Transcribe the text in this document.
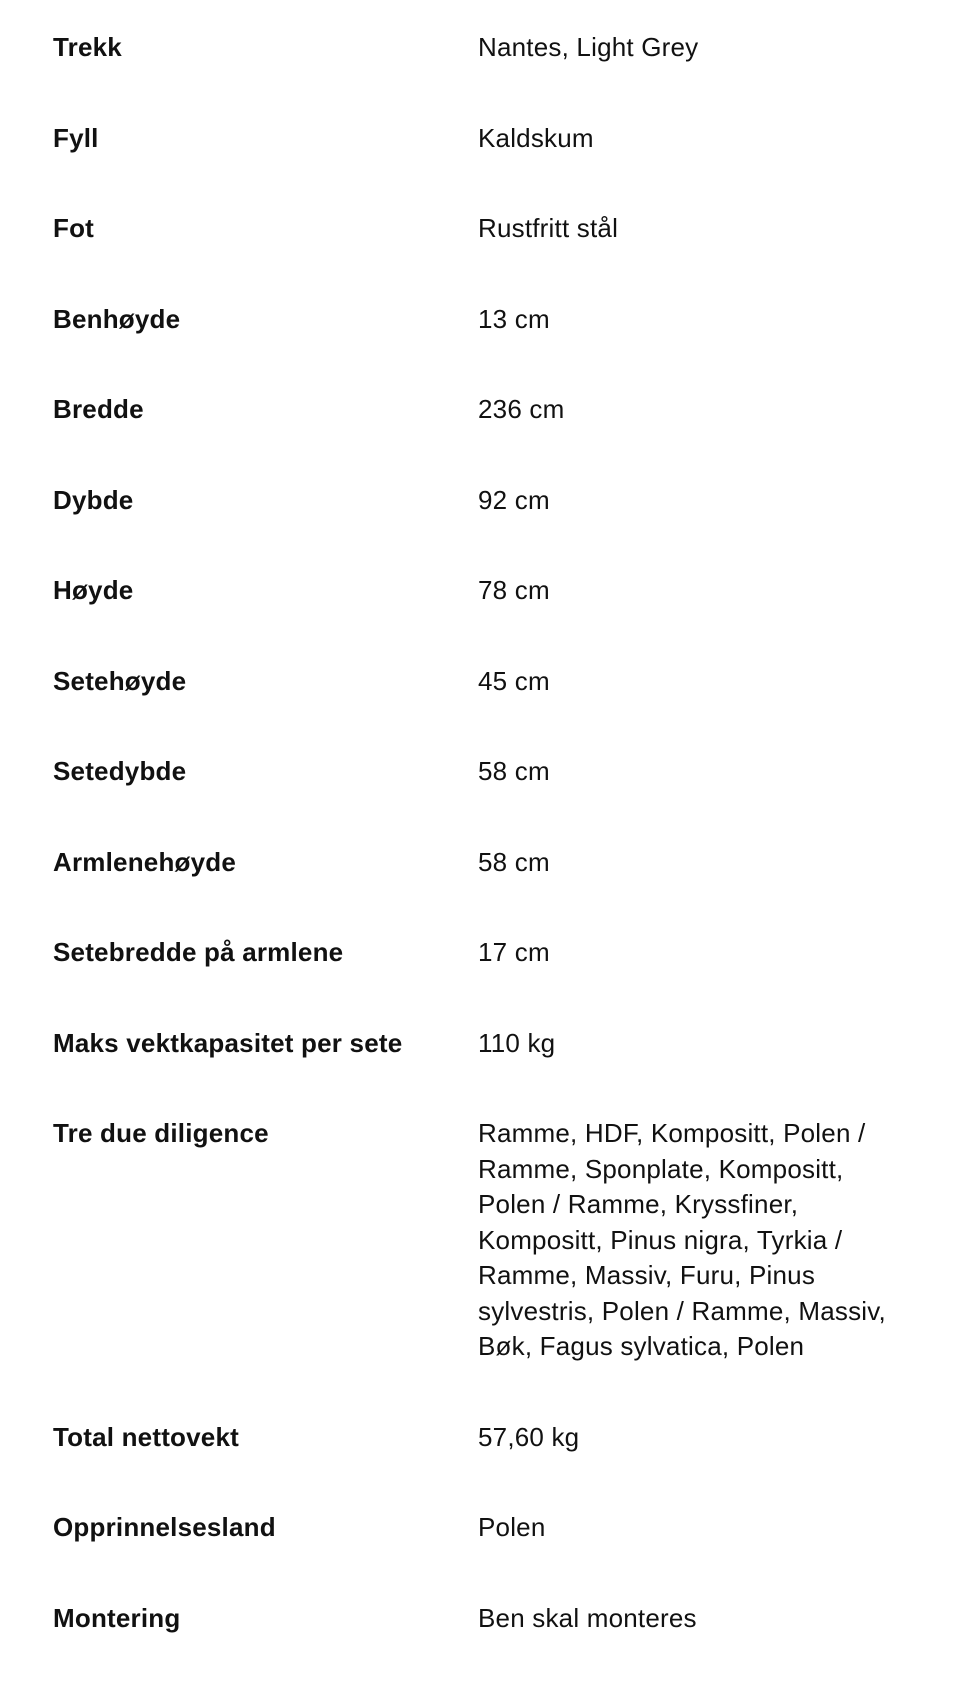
Trekk	Nantes, Light Grey
Fyll	Kaldskum
Fot	Rustfritt stål
Benhøyde	13 cm
Bredde	236 cm
Dybde	92 cm
Høyde	78 cm
Setehøyde	45 cm
Setedybde	58 cm
Armlenehøyde	58 cm
Setebredde på armlene	17 cm
Maks vektkapasitet per sete	110 kg
Tre due diligence	Ramme, HDF, Kompositt, Polen / Ramme, Sponplate, Kompositt, Polen / Ramme, Kryssfiner, Kompositt, Pinus nigra, Tyrkia / Ramme, Massiv, Furu, Pinus sylvestris, Polen / Ramme, Massiv, Bøk, Fagus sylvatica, Polen
Total nettovekt	57,60 kg
Opprinnelsesland	Polen
Montering	Ben skal monteres
